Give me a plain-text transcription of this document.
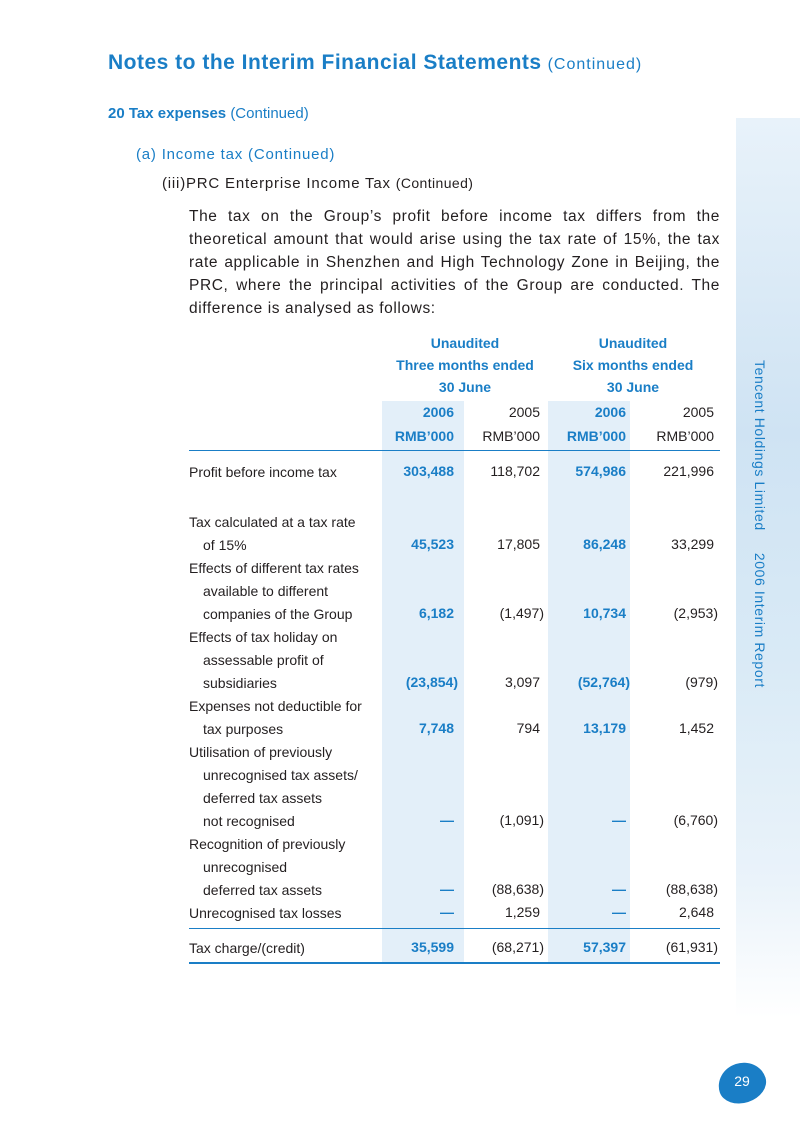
Tencent Holdings Limited2006 Interim Report
Notes to the Interim Financial Statements (Continued)
20 Tax expenses (Continued)
(a) Income tax (Continued)
(iii)PRC Enterprise Income Tax (Continued)
The tax on the Group’s profit before income tax differs from the theoretical amount that would arise using the tax rate of 15%, the tax rate applicable in Shenzhen and High Technology Zone in Beijing, the PRC, where the principal activities of the Group are conducted. The difference is analysed as follows:
Unaudited
Three months ended
30 June
Unaudited
Six months ended
30 June
2006	2005	2006	2005
RMB’000	RMB’000	RMB’000	RMB’000
Profit before income tax	303,488	118,702	574,986	221,996
Tax calculated at a tax rate
of 15%	45,523	17,805	86,248	33,299
Effects of different tax rates
available to different
companies of the Group	6,182	(1,497)	10,734	(2,953)
Effects of tax holiday on
assessable profit of
subsidiaries	(23,854)	3,097	(52,764)	(979)
Expenses not deductible for
tax purposes	7,748	794	13,179	1,452
Utilisation of previously
unrecognised tax assets/
deferred tax assets
not recognised	—	(1,091)	—	(6,760)
Recognition of previously
unrecognised
deferred tax assets	—	(88,638)	—	(88,638)
Unrecognised tax losses	—	1,259	—	2,648
Tax charge/(credit)	35,599	(68,271)	57,397	(61,931)
29
